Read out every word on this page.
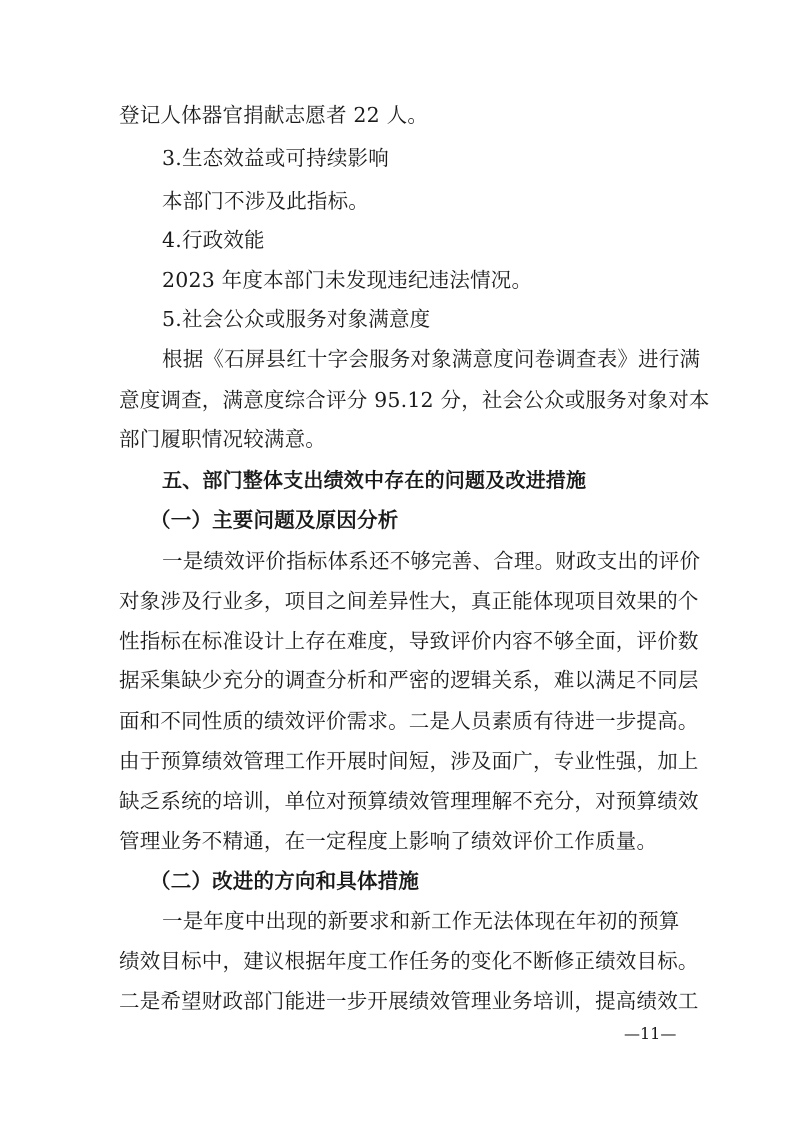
登记人体器官捐献志愿者 22 人。
3.生态效益或可持续影响
本部门不涉及此指标。
4.行政效能
2023 年度本部门未发现违纪违法情况。
5.社会公众或服务对象满意度
根据《石屏县红十字会服务对象满意度问卷调查表》进行满
意度调查，满意度综合评分 95.12 分，社会公众或服务对象对本
部门履职情况较满意。
五、部门整体支出绩效中存在的问题及改进措施
（一）主要问题及原因分析
一是绩效评价指标体系还不够完善、合理。财政支出的评价
对象涉及行业多，项目之间差异性大，真正能体现项目效果的个
性指标在标准设计上存在难度，导致评价内容不够全面，评价数
据采集缺少充分的调查分析和严密的逻辑关系，难以满足不同层
面和不同性质的绩效评价需求。二是人员素质有待进一步提高。
由于预算绩效管理工作开展时间短，涉及面广，专业性强，加上
缺乏系统的培训，单位对预算绩效管理理解不充分，对预算绩效
管理业务不精通，在一定程度上影响了绩效评价工作质量。
（二）改进的方向和具体措施
一是年度中出现的新要求和新工作无法体现在年初的预算
绩效目标中，建议根据年度工作任务的变化不断修正绩效目标。
二是希望财政部门能进一步开展绩效管理业务培训，提高绩效工
—11—
